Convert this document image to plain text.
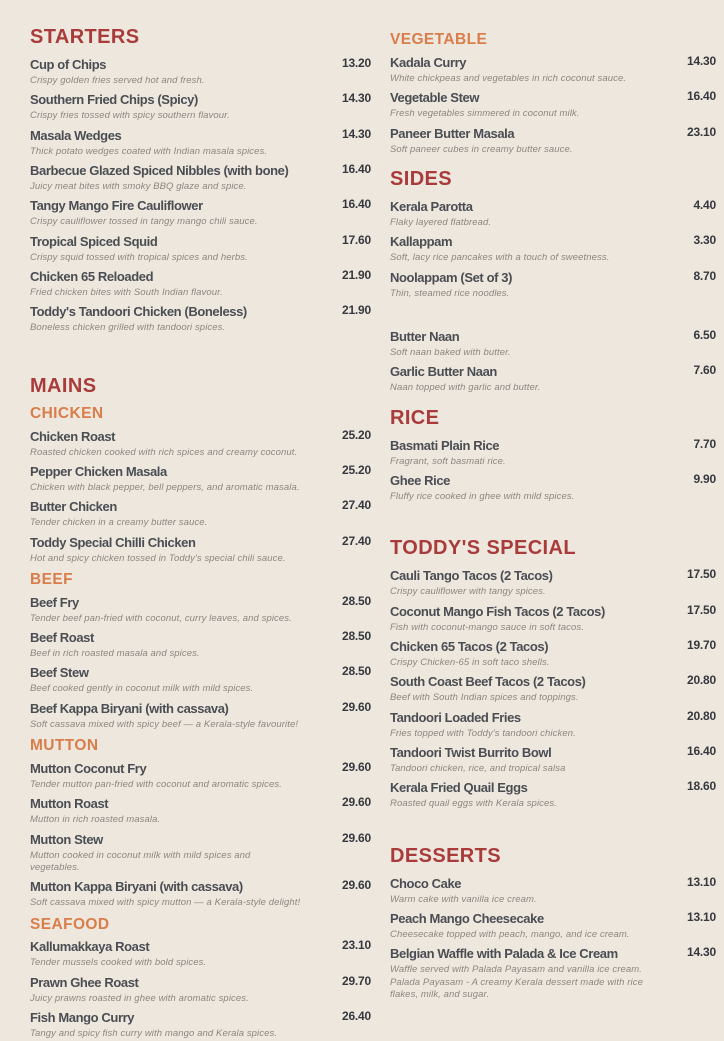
STARTERS
Cup of Chips	13.20

Crispy golden fries served hot and fresh.

Southern Fried Chips (Spicy)	14.30

Crispy fries tossed with spicy southern flavour.

Masala Wedges	14.30

Thick potato wedges coated with Indian masala spices.

Barbecue Glazed Spiced Nibbles (with bone)	16.40

Juicy meat bites with smoky BBQ glaze and spice.

Tangy Mango Fire Cauliflower	16.40

Crispy cauliflower tossed in tangy mango chili sauce.

Tropical Spiced Squid	17.60

Crispy squid tossed with tropical spices and herbs.

Chicken 65 Reloaded	21.90

Fried chicken bites with South Indian flavour.

Toddy's Tandoori Chicken (Boneless)	21.90

Boneless chicken grilled with tandoori spices.

MAINS
CHICKEN
Chicken Roast	25.20

Roasted chicken cooked with rich spices and creamy coconut.

Pepper Chicken Masala	25.20

Chicken with black pepper, bell peppers, and aromatic masala.

Butter Chicken	27.40

Tender chicken in a creamy butter sauce.

Toddy Special Chilli Chicken	27.40

Hot and spicy chicken tossed in Toddy's special chili sauce.

BEEF
Beef Fry	28.50

Tender beef pan-fried with coconut, curry leaves, and spices.

Beef Roast	28.50

Beef in rich roasted masala and spices.

Beef Stew	28.50

Beef cooked gently in coconut milk with mild spices.

Beef Kappa Biryani (with cassava)	29.60

Soft cassava mixed with spicy beef — a Kerala-style favourite!

MUTTON
Mutton Coconut Fry	29.60

Tender mutton pan-fried with coconut and aromatic spices.

Mutton Roast	29.60

Mutton in rich roasted masala.

Mutton Stew	29.60

Mutton cooked in coconut milk with mild spices and vegetables.

Mutton Kappa Biryani (with cassava)	29.60

Soft cassava mixed with spicy mutton — a Kerala-style delight!

SEAFOOD
Kallumakkaya Roast	23.10

Tender mussels cooked with bold spices.

Prawn Ghee Roast	29.70

Juicy prawns roasted in ghee with aromatic spices.

Fish Mango Curry	26.40

Tangy and spicy fish curry with mango and Kerala spices.

VEGETABLE
Kadala Curry	14.30

White chickpeas and vegetables in rich coconut sauce.

Vegetable Stew	16.40

Fresh vegetables simmered in coconut milk.

Paneer Butter Masala	23.10

Soft paneer cubes in creamy butter sauce.

SIDES
Kerala Parotta	4.40

Flaky layered flatbread.

Kallappam	3.30

Soft, lacy rice pancakes with a touch of sweetness.

Noolappam (Set of 3)	8.70

Thin, steamed rice noodles.

Butter Naan	6.50

Soft naan baked with butter.

Garlic Butter Naan	7.60

Naan topped with garlic and butter.

RICE
Basmati Plain Rice	7.70

Fragrant, soft basmati rice.

Ghee Rice	9.90

Fluffy rice cooked in ghee with mild spices.

TODDY'S SPECIAL
Cauli Tango Tacos (2 Tacos)	17.50

Crispy cauliflower with tangy spices.

Coconut Mango Fish Tacos (2 Tacos)	17.50

Fish with coconut-mango sauce in soft tacos.

Chicken 65 Tacos (2 Tacos)	19.70

Crispy Chicken-65 in soft taco shells.

South Coast Beef Tacos (2 Tacos)	20.80

Beef with South Indian spices and toppings.

Tandoori Loaded Fries	20.80

Fries topped with Toddy's tandoori chicken.

Tandoori Twist Burrito Bowl	16.40

Tandoori chicken, rice, and tropical salsa

Kerala Fried Quail Eggs	18.60

Roasted quail eggs with Kerala spices.

DESSERTS
Choco Cake	13.10

Warm cake with vanilla ice cream.

Peach Mango Cheesecake	13.10

Cheesecake topped with peach, mango, and ice cream.

Belgian Waffle with Palada & Ice Cream	14.30

Waffle served with Palada Payasam and vanilla ice cream. Palada Payasam - A creamy Kerala dessert made with rice flakes, milk, and sugar.
